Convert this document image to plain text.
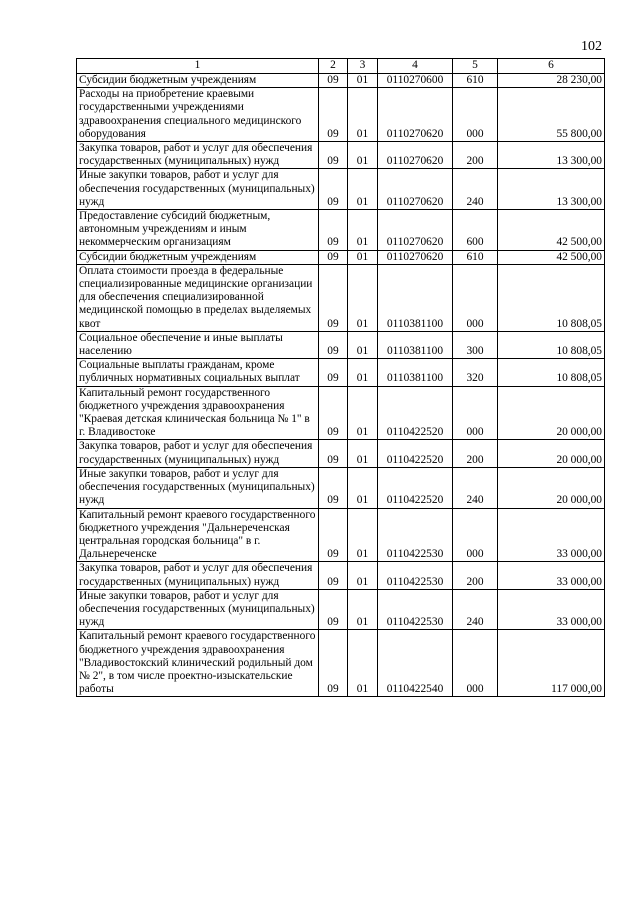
102
1	2	3	4	5	6
Субсидии бюджетным учреждениям	09	01	0110270600	610	28 230,00
Расходы на приобретение краевыми государственными учреждениями здравоохранения специального медицинского оборудования	09	01	0110270620	000	55 800,00
Закупка товаров, работ и услуг для обеспечения государственных (муниципальных) нужд	09	01	0110270620	200	13 300,00
Иные закупки товаров, работ и услуг для обеспечения государственных (муниципальных) нужд	09	01	0110270620	240	13 300,00
Предоставление субсидий бюджетным, автономным учреждениям и иным некоммерческим организациям	09	01	0110270620	600	42 500,00
Субсидии бюджетным учреждениям	09	01	0110270620	610	42 500,00
Оплата стоимости проезда в федеральные специализированные медицинские организации для обеспечения специализированной медицинской помощью в пределах выделяемых квот	09	01	0110381100	000	10 808,05
Социальное обеспечение и иные выплаты населению	09	01	0110381100	300	10 808,05
Социальные выплаты гражданам, кроме публичных нормативных социальных выплат	09	01	0110381100	320	10 808,05
Капитальный ремонт государственного бюджетного учреждения здравоохранения "Краевая детская клиническая больница № 1" в г. Владивостоке	09	01	0110422520	000	20 000,00
Закупка товаров, работ и услуг для обеспечения государственных (муниципальных) нужд	09	01	0110422520	200	20 000,00
Иные закупки товаров, работ и услуг для обеспечения государственных (муниципальных) нужд	09	01	0110422520	240	20 000,00
Капитальный ремонт краевого государственного бюджетного учреждения "Дальнереченская центральная городская больница" в г. Дальнереченске	09	01	0110422530	000	33 000,00
Закупка товаров, работ и услуг для обеспечения государственных (муниципальных) нужд	09	01	0110422530	200	33 000,00
Иные закупки товаров, работ и услуг для обеспечения государственных (муниципальных) нужд	09	01	0110422530	240	33 000,00
Капитальный ремонт краевого государственного бюджетного учреждения здравоохранения "Владивостокский клинический родильный дом № 2", в том числе проектно-изыскательские работы	09	01	0110422540	000	117 000,00
